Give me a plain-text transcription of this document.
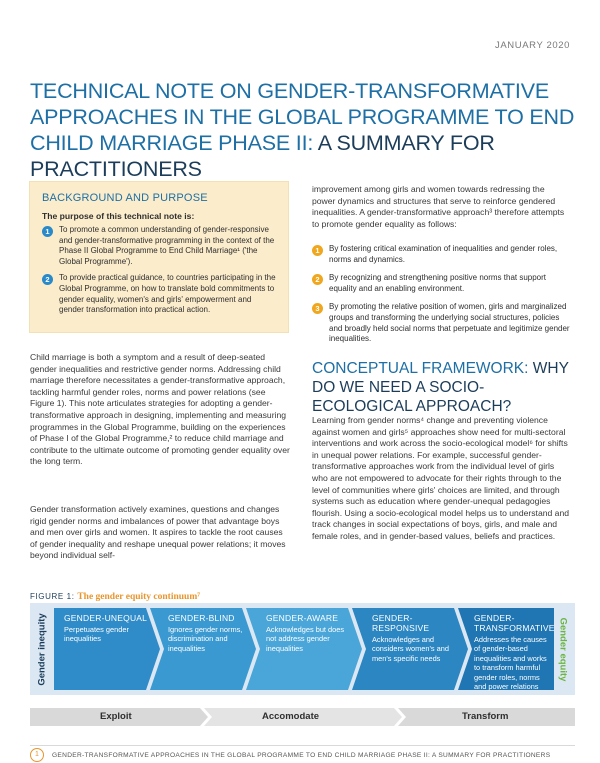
JANUARY 2020
TECHNICAL NOTE ON GENDER-TRANSFORMATIVE APPROACHES IN THE GLOBAL PROGRAMME TO END CHILD MARRIAGE PHASE II: A SUMMARY FOR PRACTITIONERS
BACKGROUND AND PURPOSE
The purpose of this technical note is:
1	To promote a common understanding of gender-responsive and gender-transformative programming in the context of the Phase II Global Programme to End Child Marriage¹ ('the Global Programme').
2	To provide practical guidance, to countries participating in the Global Programme, on how to translate bold commitments to gender equality, women's and girls' empowerment and gender transformation into practical action.

Child marriage is both a symptom and a result of deep-seated gender inequalities and restrictive gender norms. Addressing child marriage therefore necessitates a gender-transformative approach, tackling harmful gender roles, norms and power relations (see Figure 1). This note articulates strategies for adopting a gender-transformative approach in designing, implementing and measuring programmes in the Global Programme, building on the experiences of Phase I of the Global Programme,² to reduce child marriage and contribute to the ultimate outcome of promoting gender equality over the long term.

Gender transformation actively examines, questions and changes rigid gender norms and imbalances of power that advantage boys and men over girls and women. It aspires to tackle the root causes of gender inequality and reshape unequal power relations; it moves beyond individual self-

improvement among girls and women towards redressing the power dynamics and structures that serve to reinforce gendered inequalities. A gender-transformative approach³ therefore attempts to promote gender equality as follows:

1	By fostering critical examination of inequalities and gender roles, norms and dynamics.
2	By recognizing and strengthening positive norms that support equality and an enabling environment.
3	By promoting the relative position of women, girls and marginalized groups and transforming the underlying social structures, policies and broadly held social norms that perpetuate and legitimize gender inequalities.
CONCEPTUAL FRAMEWORK: WHY DO WE NEED A SOCIO-ECOLOGICAL APPROACH?

Learning from gender norms⁴ change and preventing violence against women and girls⁵ approaches show need for multi-sectoral interventions and work across the socio-ecological model⁶ for shifts in unequal power relations. For example, successful gender-transformative approaches work from the individual level of girls who are not empowered to advocate for their rights through to the level of communities where girls' choices are limited, and through systems such as education where gender-unequal pedagogies flourish. Using a socio-ecological model helps us to understand and track changes in social expectations of boys, girls, and male and female roles, and in gender-based values, beliefs and practices.

FIGURE 1: The gender equity continuum⁷
Gender inequity GENDER-UNEQUAL
Perpetuates gender inequalities
GENDER-BLIND
Ignores gender norms, discrimination and inequalities
GENDER-AWARE
Acknowledges but does not address gender inequalities
GENDER-RESPONSIVE
Acknowledges and considers women's and men's specific needs
GENDER-TRANSFORMATIVE
Addresses the causes of gender-based inequalities and works to transform harmful gender roles, norms and power relations
Gender equity
Exploit	Accomodate	Transform
1	GENDER-TRANSFORMATIVE APPROACHES IN THE GLOBAL PROGRAMME TO END CHILD MARRIAGE PHASE II: A SUMMARY FOR PRACTITIONERS
